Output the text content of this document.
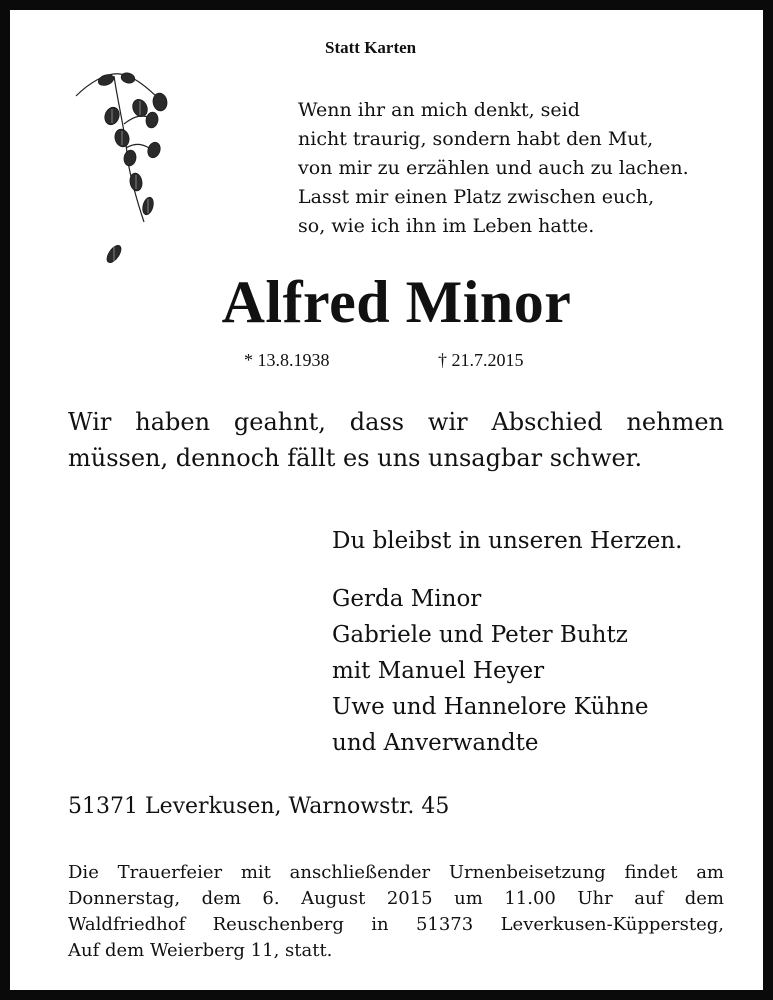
Statt Karten
Wenn ihr an mich denkt, seid
nicht traurig, sondern habt den Mut,
von mir zu erzählen und auch zu lachen.
Lasst mir einen Platz zwischen euch,
so, wie ich ihn im Leben hatte.
Alfred Minor
* 13.8.1938	† 21.7.2015
Wir haben geahnt, dass wir Abschied nehmen
müssen, dennoch fällt es uns unsagbar schwer.
Du bleibst in unseren Herzen.
Gerda Minor
Gabriele und Peter Buhtz
mit Manuel Heyer
Uwe und Hannelore Kühne
und Anverwandte
51371 Leverkusen, Warnowstr. 45
Die Trauerfeier mit anschließender Urnenbeisetzung findet am
Donnerstag, dem 6. August 2015 um 11.00 Uhr auf dem
Waldfriedhof Reuschenberg in 51373 Leverkusen-Küppersteg,
Auf dem Weierberg 11, statt.
